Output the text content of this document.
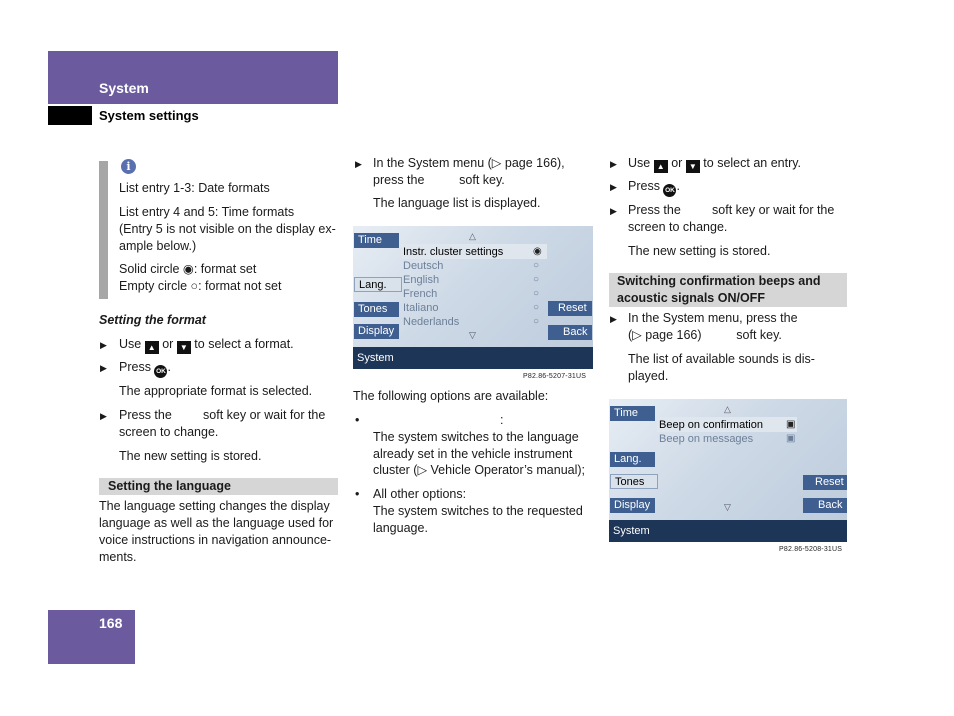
System
System settings
i
List entry 1-3: Date formats
List entry 4 and 5: Time formats
(Entry 5 is not visible on the display ex-
ample below.)
Solid circle ◉: format set
Empty circle ○: format not set
Setting the format
▶ Use ▲ or ▼ to select a format.
▶ Press OK .
The appropriate format is selected.
▶ Press the         soft key or wait for the
screen to change.
The new setting is stored.
Setting the language
The language setting changes the display
language as well as the language used for
voice instructions in navigation announce-
ments.
168
▶ In the System menu (▷ page 166),
press the          soft key.
The language list is displayed.
Time
Lang.
Tones
Display
Reset
Back
△
▽
Instr. cluster settings
Deutsch
English
French
Italiano
Nederlands
◉
○
○
○
○
○
System
P82.86-5207-31US
The following options are available:
•	:
The system switches to the language
already set in the vehicle instrument
cluster (▷ Vehicle Operator’s manual);
• All other options:
The system switches to the requested
language.
▶ Use ▲ or ▼ to select an entry.
▶ Press OK .
▶ Press the         soft key or wait for the
screen to change.
The new setting is stored.
Switching confirmation beeps and
acoustic signals ON/OFF
▶ In the System menu, press the
(▷ page 166)          soft key.
The list of available sounds is dis-
played.
Time
Lang.
Tones
Display
Reset
Back
△
▽
Beep on confirmation
Beep on messages
▣
▣
System
P82.86-5208-31US
